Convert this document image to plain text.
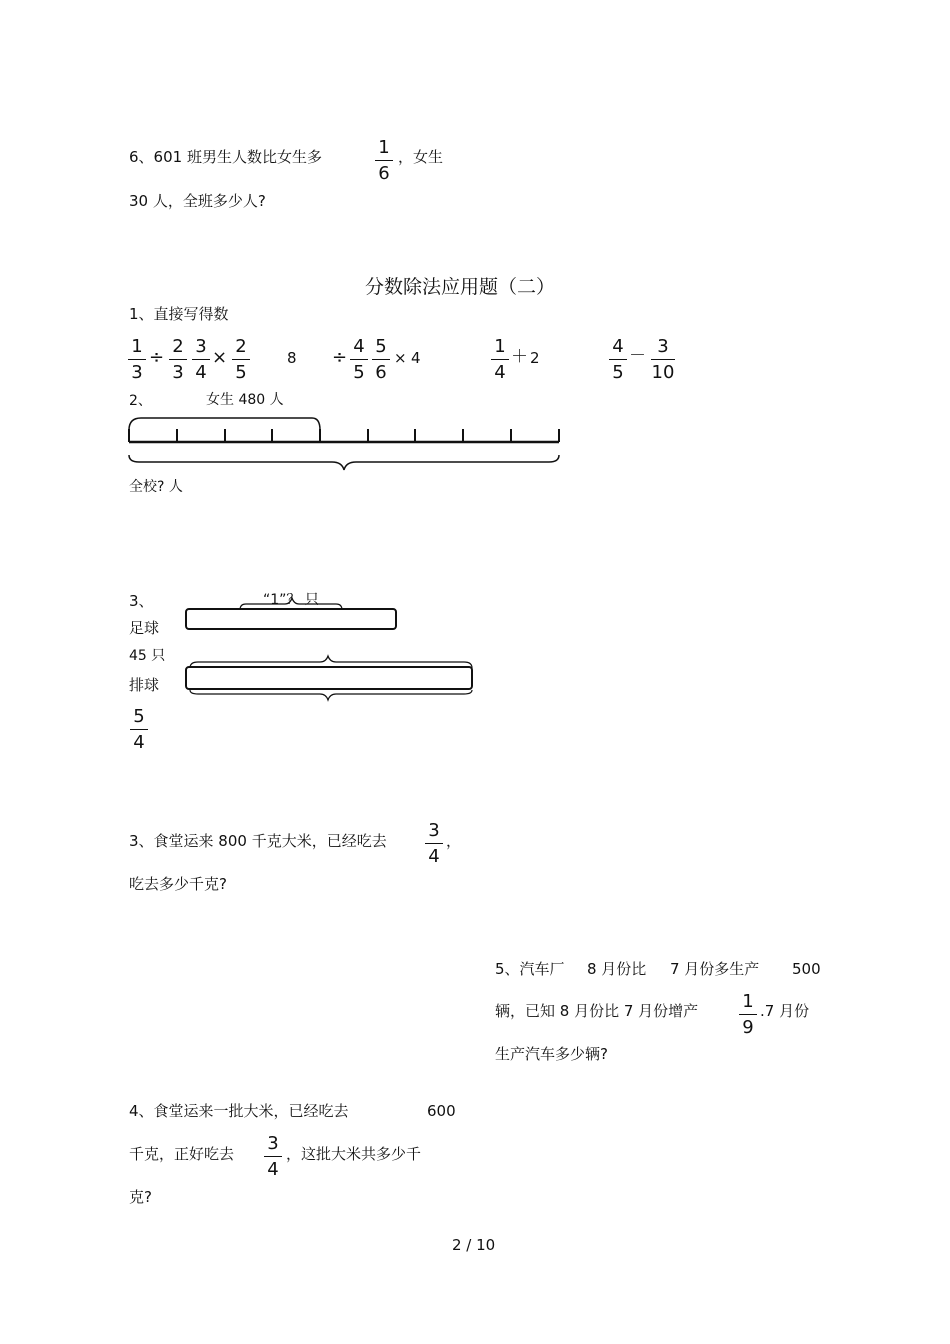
6、601 班男生人数比女生多	1
6
，女生
30 人，全班多少人?
分数除法应用题（二）
1、直接写得数
1
3
÷
2
3
3
4
×
2
5
8 ÷
4
5
5
6
× 4
1
4
＋ 2
4
5
－ 3
10
2、	女生 480 人
全校? 人
3、	“1”？ 只
足球
45 只
排球
5
4
3、食堂运来 800 千克大米，已经吃去 3
4
，
吃去多少千克?
5、汽车厂 8 月份比 7 月份多生产 500
辆，已知 8 月份比 7 月份增产 1
9
.7 月份
生产汽车多少辆?
4、食堂运来一批大米，已经吃去	600
千克，正好吃去 3
4
，这批大米共多少千
克?
2 / 10
